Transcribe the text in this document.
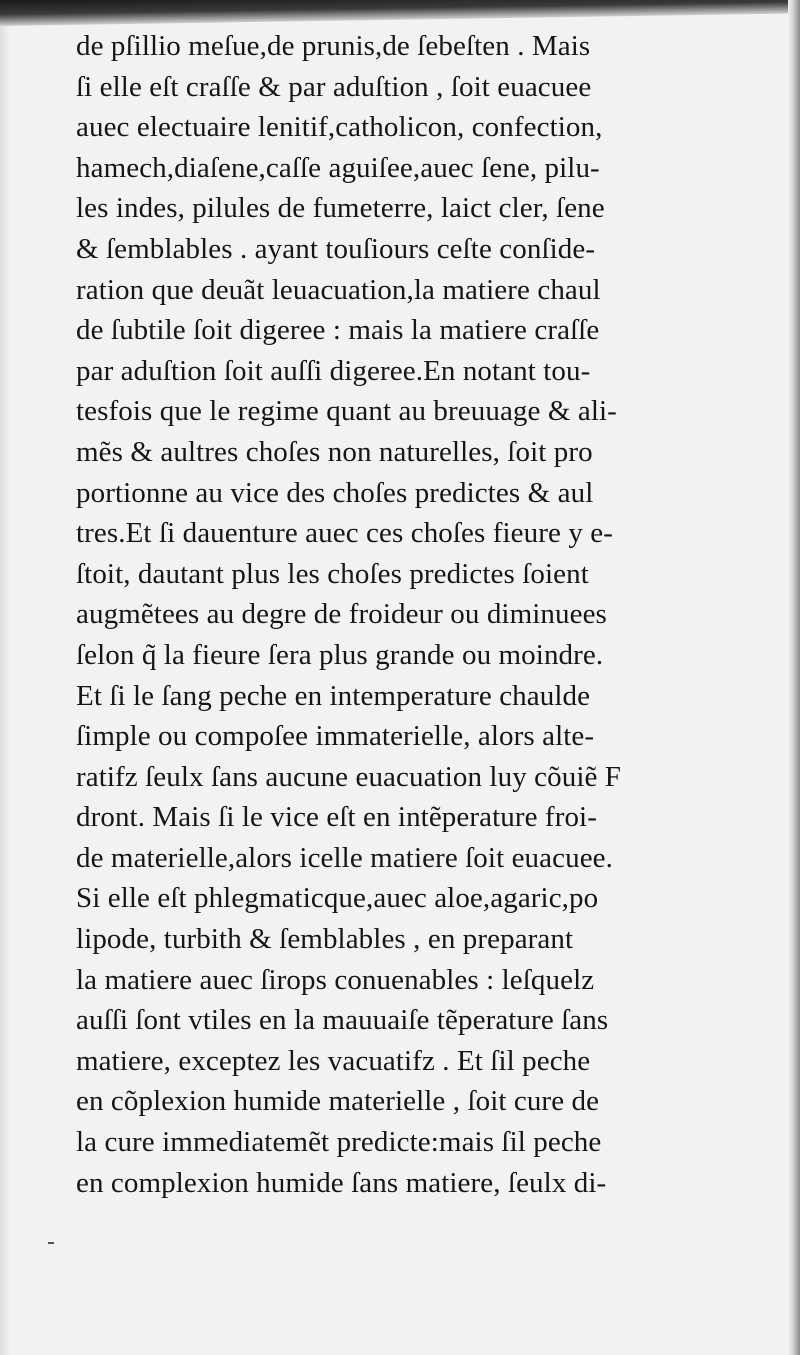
de pſillio meſue,de prunis,de ſebeſten . Mais
ſi elle eſt craſſe & par aduſtion , ſoit euacuee
auec electuaire lenitif,catholicon, confection,
hamech,diaſene,caſſe aguiſee,auec ſene, pilu-
les indes, pilules de fumeterre, laict cler, ſene
& ſemblables . ayant touſiours ceſte conſide-
ration que deuãt leuacuation,la matiere chaul
de ſubtile ſoit digeree : mais la matiere craſſe
par aduſtion ſoit auſſi digeree.En notant tou-
tesfois que le regime quant au breuuage & ali-
mẽs & aultres choſes non naturelles, ſoit pro
portionne au vice des choſes predictes & aul
tres.Et ſi dauenture auec ces choſes fieure y e-
ſtoit, dautant plus les choſes predictes ſoient
augmẽtees au degre de froideur ou diminuees
ſelon q̃ la fieure ſera plus grande ou moindre.
Et ſi le ſang peche en intemperature chaulde
ſimple ou compoſee immaterielle, alors alte-
ratifz ſeulx ſans aucune euacuation luy cõuiẽ F
dront. Mais ſi le vice eſt en intẽperature froi-
de materielle,alors icelle matiere ſoit euacuee.
Si elle eſt phlegmaticque,auec aloe,agaric,po
lipode, turbith & ſemblables , en preparant
la matiere auec ſirops conuenables : leſquelz
auſſi ſont vtiles en la mauuaiſe tẽperature ſans
matiere, exceptez les vacuatifz . Et ſil peche
en cõplexion humide materielle , ſoit cure de
la cure immediatemẽt predicte:mais ſil peche
en complexion humide ſans matiere, ſeulx di-
